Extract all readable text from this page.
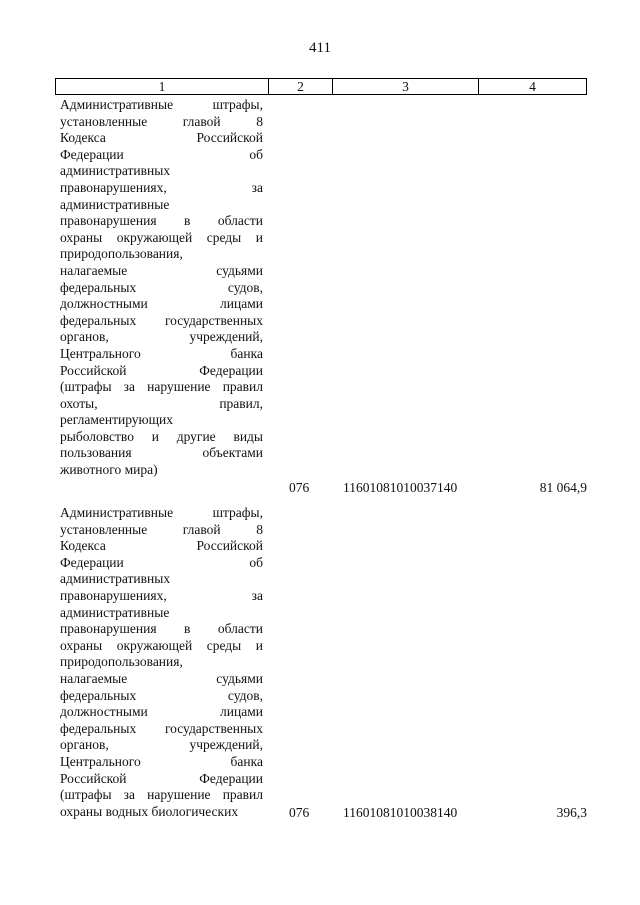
411
1	2	3	4
Административные штрафы,
установленные главой 8
Кодекса Российской
Федерации об
административных
правонарушениях, за
административные
правонарушения в области
охраны окружающей среды и
природопользования,
налагаемые судьями
федеральных судов,
должностными лицами
федеральных государственных
органов, учреждений,
Центрального банка
Российской Федерации
(штрафы за нарушение правил
охоты, правил,
регламентирующих
рыболовство и другие виды
пользования объектами
животного мира)
076	11601081010037140	81 064,9
Административные штрафы,
установленные главой 8
Кодекса Российской
Федерации об
административных
правонарушениях, за
административные
правонарушения в области
охраны окружающей среды и
природопользования,
налагаемые судьями
федеральных судов,
должностными лицами
федеральных государственных
органов, учреждений,
Центрального банка
Российской Федерации
(штрафы за нарушение правил
охраны водных биологических	076	11601081010038140	396,3
